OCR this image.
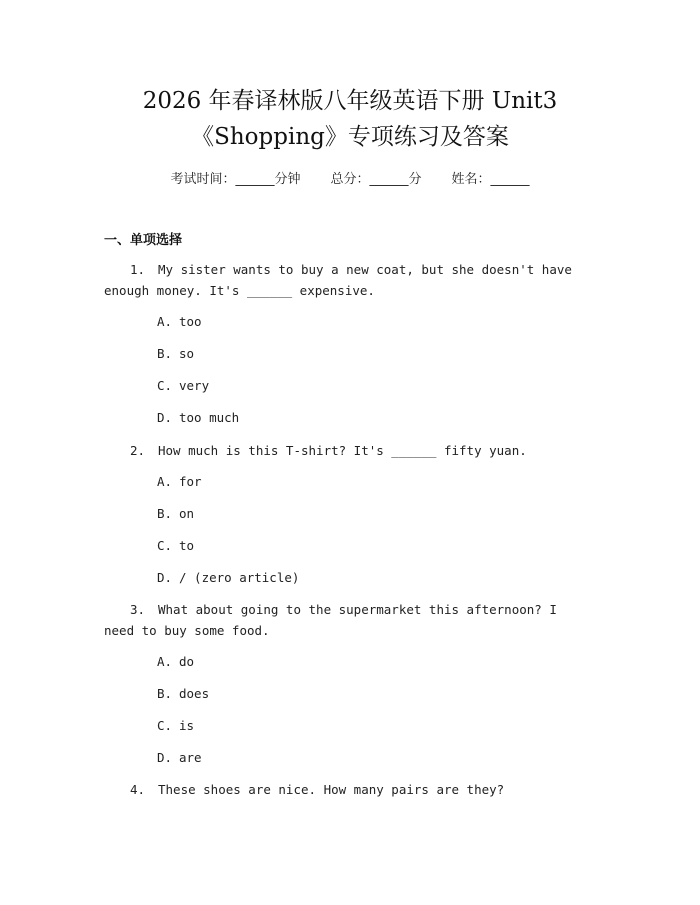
2026 年春译林版八年级英语下册 Unit3
《Shopping》专项练习及答案
考试时间：______分钟 总分：______分 姓名：______
一、单项选择
1. My sister wants to buy a new coat, but she doesn't have enough money. It's ______ expensive.
A. too
B. so
C. very
D. too much
2. How much is this T-shirt? It's ______ fifty yuan.
A. for
B. on
C. to
D. / (zero article)
3. What about going to the supermarket this afternoon? I need to buy some food.
A. do
B. does
C. is
D. are
4. These shoes are nice. How many pairs are they?
